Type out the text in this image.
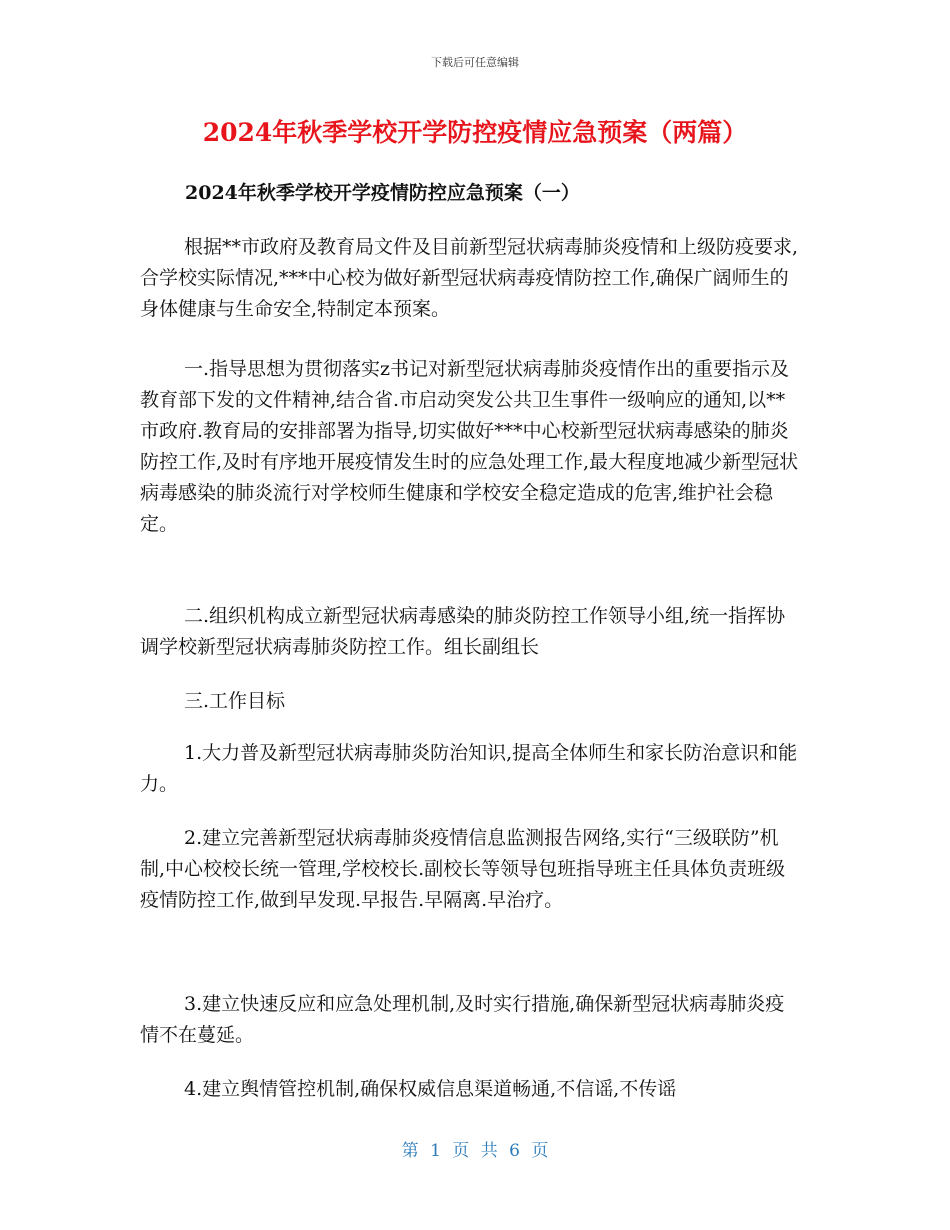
下载后可任意编辑
2024年秋季学校开学防控疫情应急预案（两篇）
2024年秋季学校开学疫情防控应急预案（一）

根据**市政府及教育局文件及目前新型冠状病毒肺炎疫情和上级防疫要求,合学校实际情况,***中心校为做好新型冠状病毒疫情防控工作,确保广阔师生的身体健康与生命安全,特制定本预案。

一.指导思想为贯彻落实z书记对新型冠状病毒肺炎疫情作出的重要指示及教育部下发的文件精神,结合省.市启动突发公共卫生事件一级响应的通知,以**市政府.教育局的安排部署为指导,切实做好***中心校新型冠状病毒感染的肺炎防控工作,及时有序地开展疫情发生时的应急处理工作,最大程度地减少新型冠状病毒感染的肺炎流行对学校师生健康和学校安全稳定造成的危害,维护社会稳定。

二.组织机构成立新型冠状病毒感染的肺炎防控工作领导小组,统一指挥协调学校新型冠状病毒肺炎防控工作。组长副组长

三.工作目标

1.大力普及新型冠状病毒肺炎防治知识,提高全体师生和家长防治意识和能力。

2.建立完善新型冠状病毒肺炎疫情信息监测报告网络,实行“三级联防”机制,中心校校长统一管理,学校校长.副校长等领导包班指导班主任具体负责班级疫情防控工作,做到早发现.早报告.早隔离.早治疗。

3.建立快速反应和应急处理机制,及时实行措施,确保新型冠状病毒肺炎疫情不在蔓延。

4.建立舆情管控机制,确保权威信息渠道畅通,不信谣,不传谣

第 1 页 共 6 页
